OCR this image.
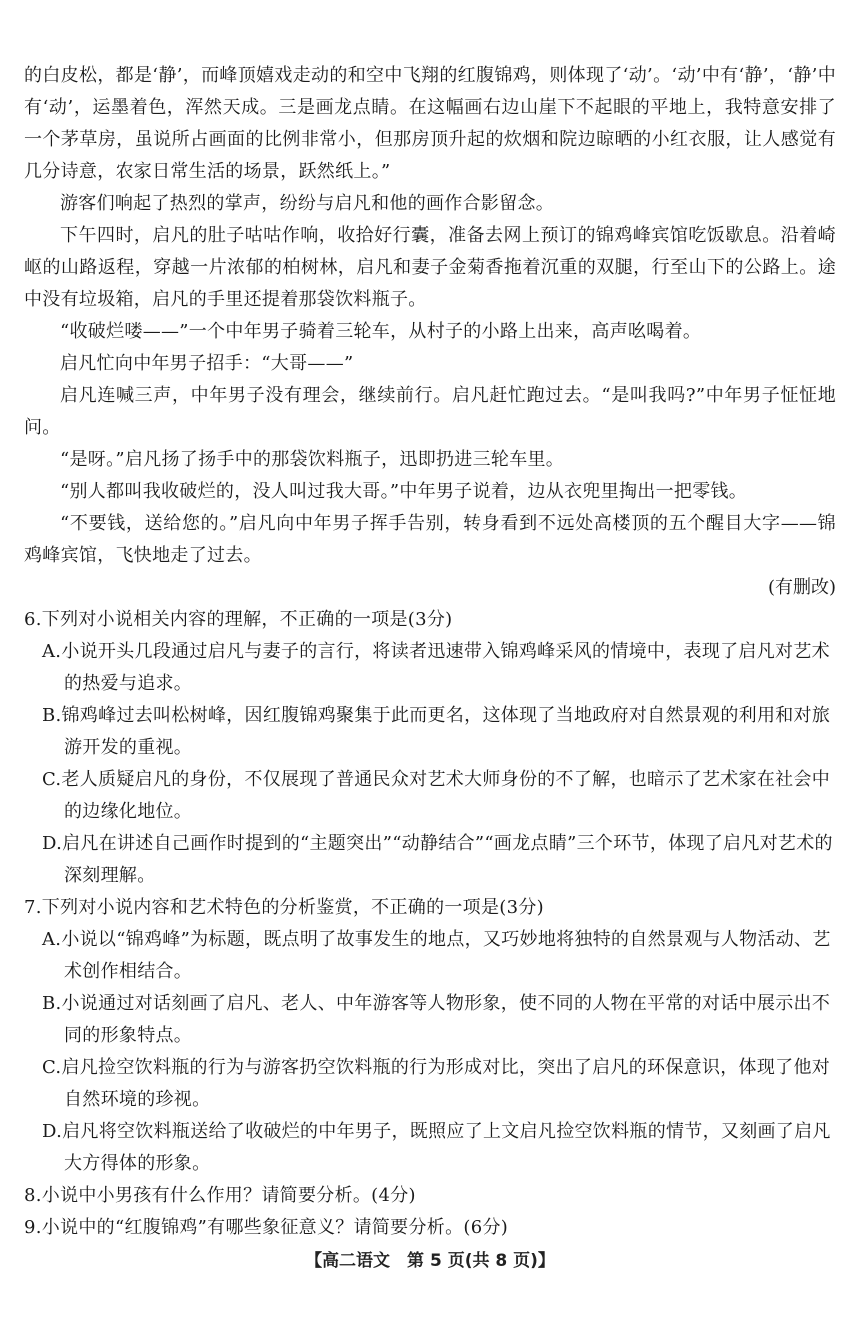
的白皮松，都是‘静’，而峰顶嬉戏走动的和空中飞翔的红腹锦鸡，则体现了‘动’。‘动’中有‘静’，‘静’中有‘动’，运墨着色，浑然天成。三是画龙点睛。在这幅画右边山崖下不起眼的平地上，我特意安排了一个茅草房，虽说所占画面的比例非常小，但那房顶升起的炊烟和院边晾晒的小红衣服，让人感觉有几分诗意，农家日常生活的场景，跃然纸上。”

游客们响起了热烈的掌声，纷纷与启凡和他的画作合影留念。

下午四时，启凡的肚子咕咕作响，收拾好行囊，准备去网上预订的锦鸡峰宾馆吃饭歇息。沿着崎岖的山路返程，穿越一片浓郁的柏树林，启凡和妻子金菊香拖着沉重的双腿，行至山下的公路上。途中没有垃圾箱，启凡的手里还提着那袋饮料瓶子。

“收破烂喽——”一个中年男子骑着三轮车，从村子的小路上出来，高声吆喝着。

启凡忙向中年男子招手：“大哥——”

启凡连喊三声，中年男子没有理会，继续前行。启凡赶忙跑过去。“是叫我吗?”中年男子怔怔地问。

“是呀。”启凡扬了扬手中的那袋饮料瓶子，迅即扔进三轮车里。

“别人都叫我收破烂的，没人叫过我大哥。”中年男子说着，边从衣兜里掏出一把零钱。

“不要钱，送给您的。”启凡向中年男子挥手告别，转身看到不远处高楼顶的五个醒目大字——锦鸡峰宾馆，飞快地走了过去。

(有删改)

6.下列对小说相关内容的理解，不正确的一项是(3分)

A.小说开头几段通过启凡与妻子的言行，将读者迅速带入锦鸡峰采风的情境中，表现了启凡对艺术的热爱与追求。

B.锦鸡峰过去叫松树峰，因红腹锦鸡聚集于此而更名，这体现了当地政府对自然景观的利用和对旅游开发的重视。

C.老人质疑启凡的身份，不仅展现了普通民众对艺术大师身份的不了解，也暗示了艺术家在社会中的边缘化地位。

D.启凡在讲述自己画作时提到的“主题突出”“动静结合”“画龙点睛”三个环节，体现了启凡对艺术的深刻理解。

7.下列对小说内容和艺术特色的分析鉴赏，不正确的一项是(3分)

A.小说以“锦鸡峰”为标题，既点明了故事发生的地点，又巧妙地将独特的自然景观与人物活动、艺术创作相结合。

B.小说通过对话刻画了启凡、老人、中年游客等人物形象，使不同的人物在平常的对话中展示出不同的形象特点。

C.启凡捡空饮料瓶的行为与游客扔空饮料瓶的行为形成对比，突出了启凡的环保意识，体现了他对自然环境的珍视。

D.启凡将空饮料瓶送给了收破烂的中年男子，既照应了上文启凡捡空饮料瓶的情节，又刻画了启凡大方得体的形象。

8.小说中小男孩有什么作用？请简要分析。(4分)

9.小说中的“红腹锦鸡”有哪些象征意义？请简要分析。(6分)

【高二语文　第 5 页(共 8 页)】
